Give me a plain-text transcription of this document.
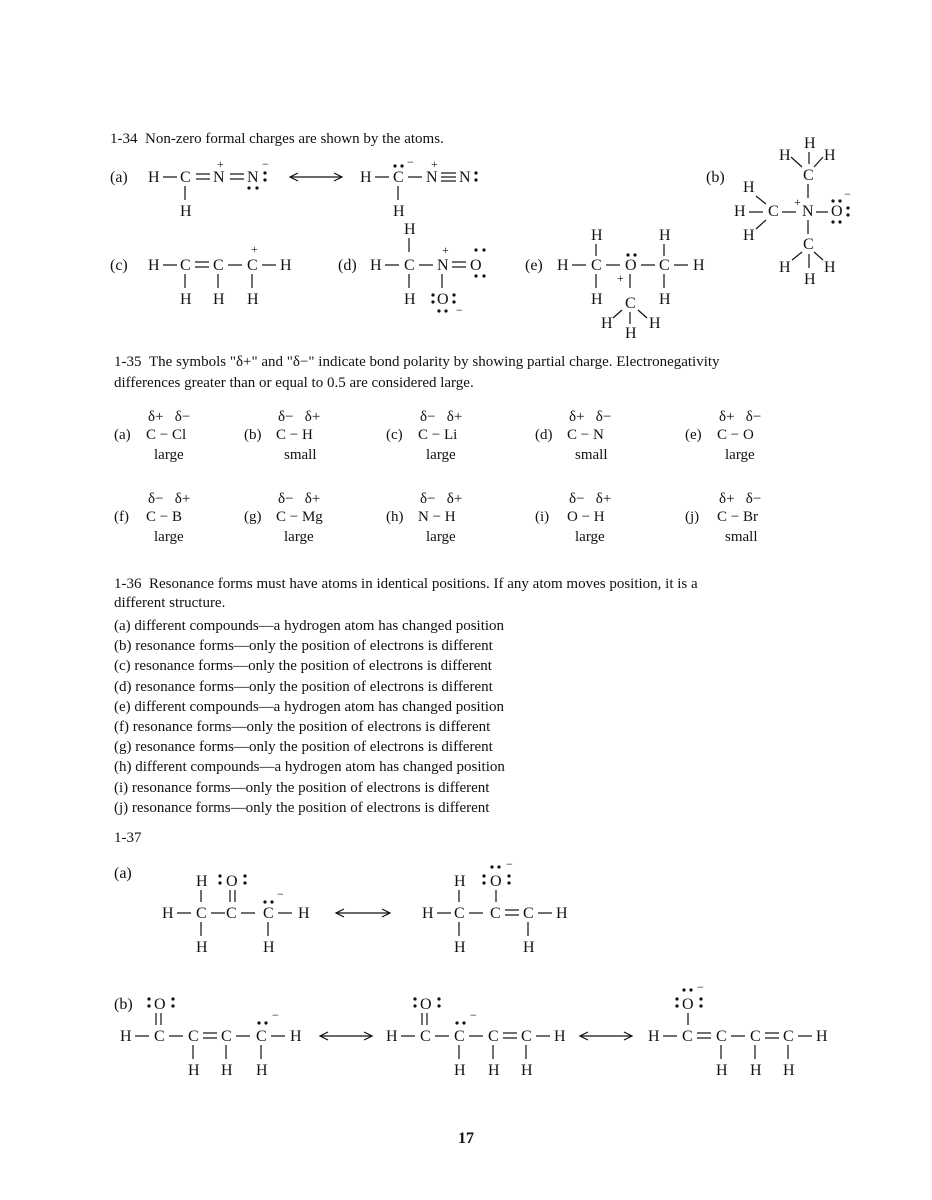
1-34 Non-zero formal charges are shown by the atoms.
(a) H C
H
N
+
N
−
H C
−
H
N
+
N	(b)
H
H H
C
H
H
H
C N
+
O
−
C
H H
H
(c) H C C C
+
H
H H H
(d)
H
H C N
+
O
H O
−
(e)
H
H C O
+
C H
H
H	H
C
H H
H
1-35 The symbols "δ+" and "δ−" indicate bond polarity by showing partial charge. Electronegativity
differences greater than or equal to 0.5 are considered large.
(a)
δ+ δ−
C − Cl
large
(b)
δ− δ+
C − H
small
(c)
δ− δ+
C − Li
large
(d)
δ+ δ−
C − N
small
(e)
δ+ δ−
C − O
large
(f)
δ− δ+
C − B
large
(g)
δ− δ+
C − Mg
large
(h)
δ− δ+
N − H
large
(i)
δ− δ+
O − H
large
(j)
δ+ δ−
C − Br
small
1-36 Resonance forms must have atoms in identical positions. If any atom moves position, it is a
different structure.
(a) different compounds—a hydrogen atom has changed position
(b) resonance forms—only the position of electrons is different
(c) resonance forms—only the position of electrons is different
(d) resonance forms—only the position of electrons is different
(e) different compounds—a hydrogen atom has changed position
(f) resonance forms—only the position of electrons is different
(g) resonance forms—only the position of electrons is different
(h) different compounds—a hydrogen atom has changed position
(i) resonance forms—only the position of electrons is different
(j) resonance forms—only the position of electrons is different
1-37
(a)	H O
H C C C
−
H
H	H
H O
−
H C C C H
H	H
(b) O
H C C C C
−
H
H H H
O
H C C
−
C C H
H H H
O
−
H C C C C H
H H H
17
